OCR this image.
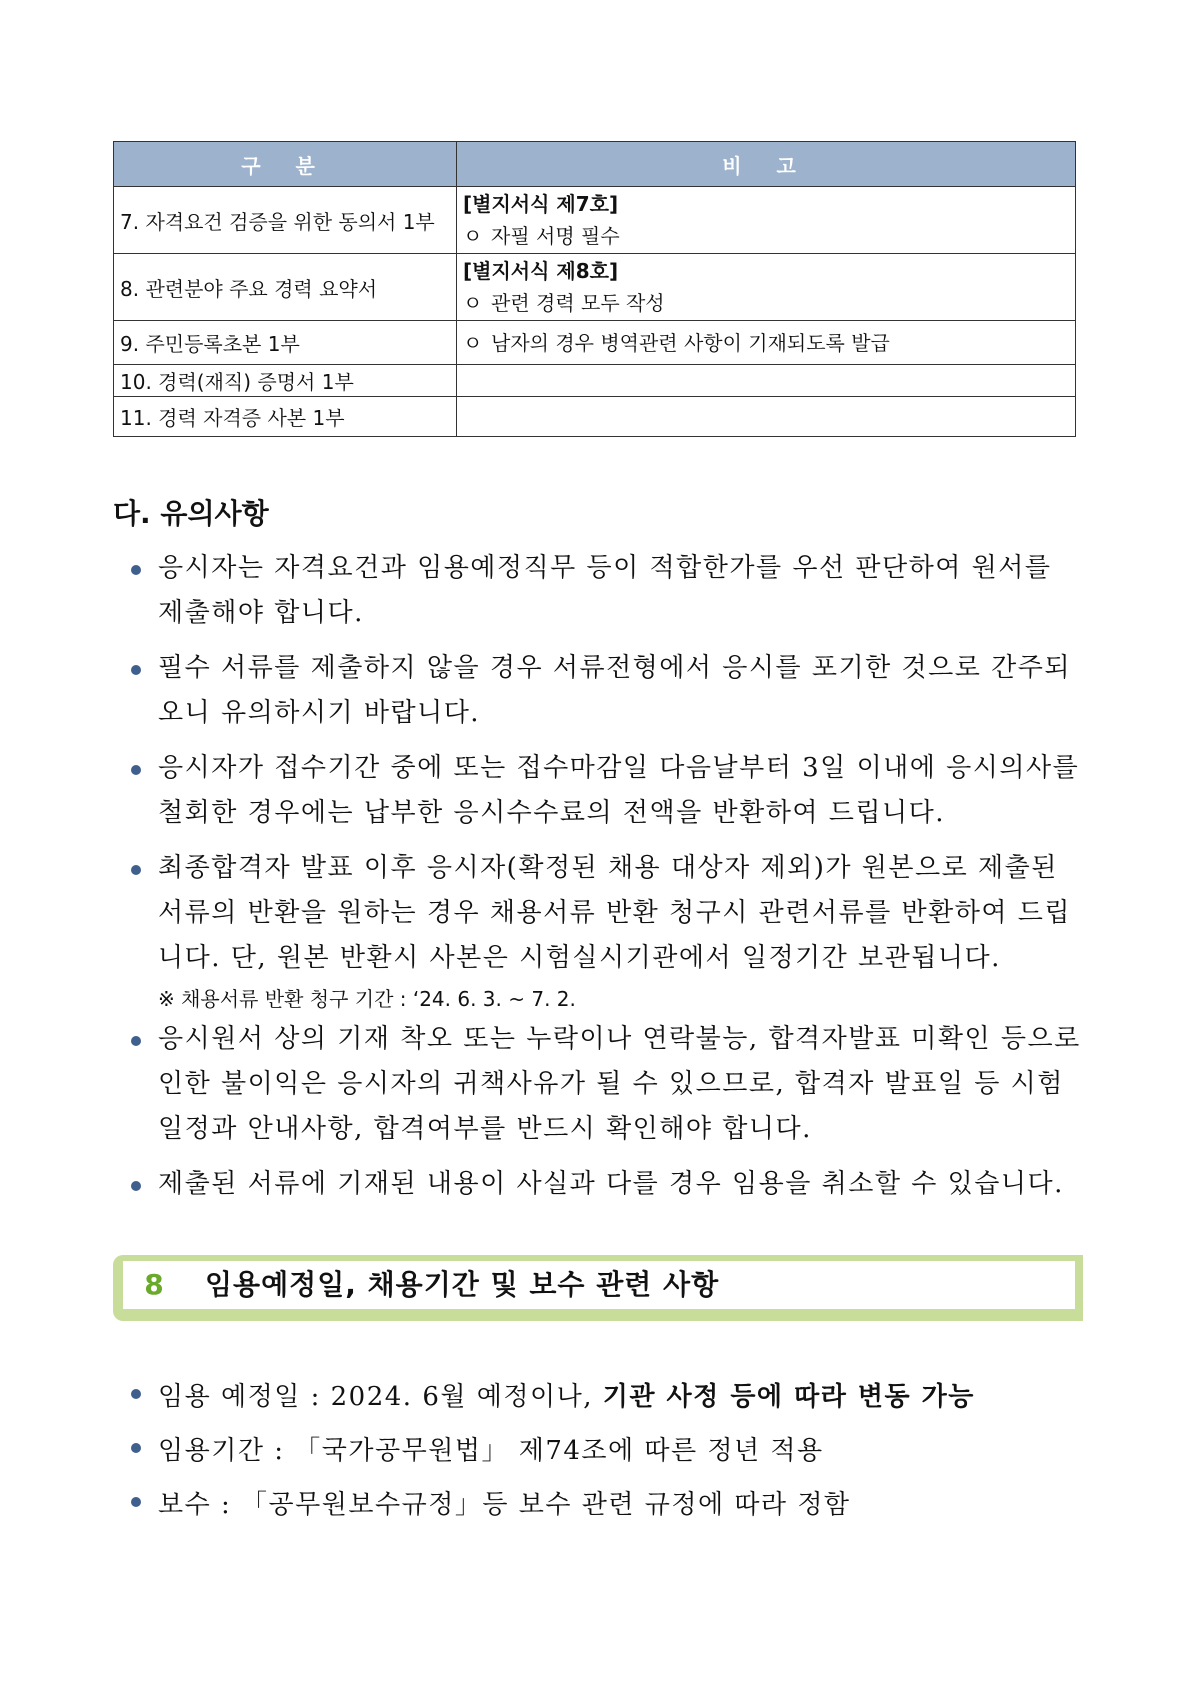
구 분	비 고
7. 자격요건 검증을 위한 동의서 1부	[별지서식 제7호]
ㅇ 자필 서명 필수

8. 관련분야 주요 경력 요약서	[별지서식 제8호]
ㅇ 관련 경력 모두 작성

9. 주민등록초본 1부	ㅇ 남자의 경우 병역관련 사항이 기재되도록 발급

10. 경력(재직) 증명서 1부	
11. 경력 자격증 사본 1부	
다. 유의사항
응시자는 자격요건과 임용예정직무 등이 적합한가를 우선 판단하여 원서를 제출해야 합니다.
필수 서류를 제출하지 않을 경우 서류전형에서 응시를 포기한 것으로 간주되오니 유의하시기 바랍니다.
응시자가 접수기간 중에 또는 접수마감일 다음날부터 3일 이내에 응시의사를 철회한 경우에는 납부한 응시수수료의 전액을 반환하여 드립니다.
최종합격자 발표 이후 응시자(확정된 채용 대상자 제외)가 원본으로 제출된 서류의 반환을 원하는 경우 채용서류 반환 청구시 관련서류를 반환하여 드립니다. 단, 원본 반환시 사본은 시험실시기관에서 일정기간 보관됩니다.
※ 채용서류 반환 청구 기간 : ‘24. 6. 3. ~ 7. 2.
응시원서 상의 기재 착오 또는 누락이나 연락불능, 합격자발표 미확인 등으로 인한 불이익은 응시자의 귀책사유가 될 수 있으므로, 합격자 발표일 등 시험일정과 안내사항, 합격여부를 반드시 확인해야 합니다.
제출된 서류에 기재된 내용이 사실과 다를 경우 임용을 취소할 수 있습니다.
8	임용예정일, 채용기간 및 보수 관련 사항
임용 예정일 : 2024. 6월 예정이나, 기관 사정 등에 따라 변동 가능
임용기간 : 「국가공무원법」 제74조에 따른 정년 적용
보수 : 「공무원보수규정」등 보수 관련 규정에 따라 정함
